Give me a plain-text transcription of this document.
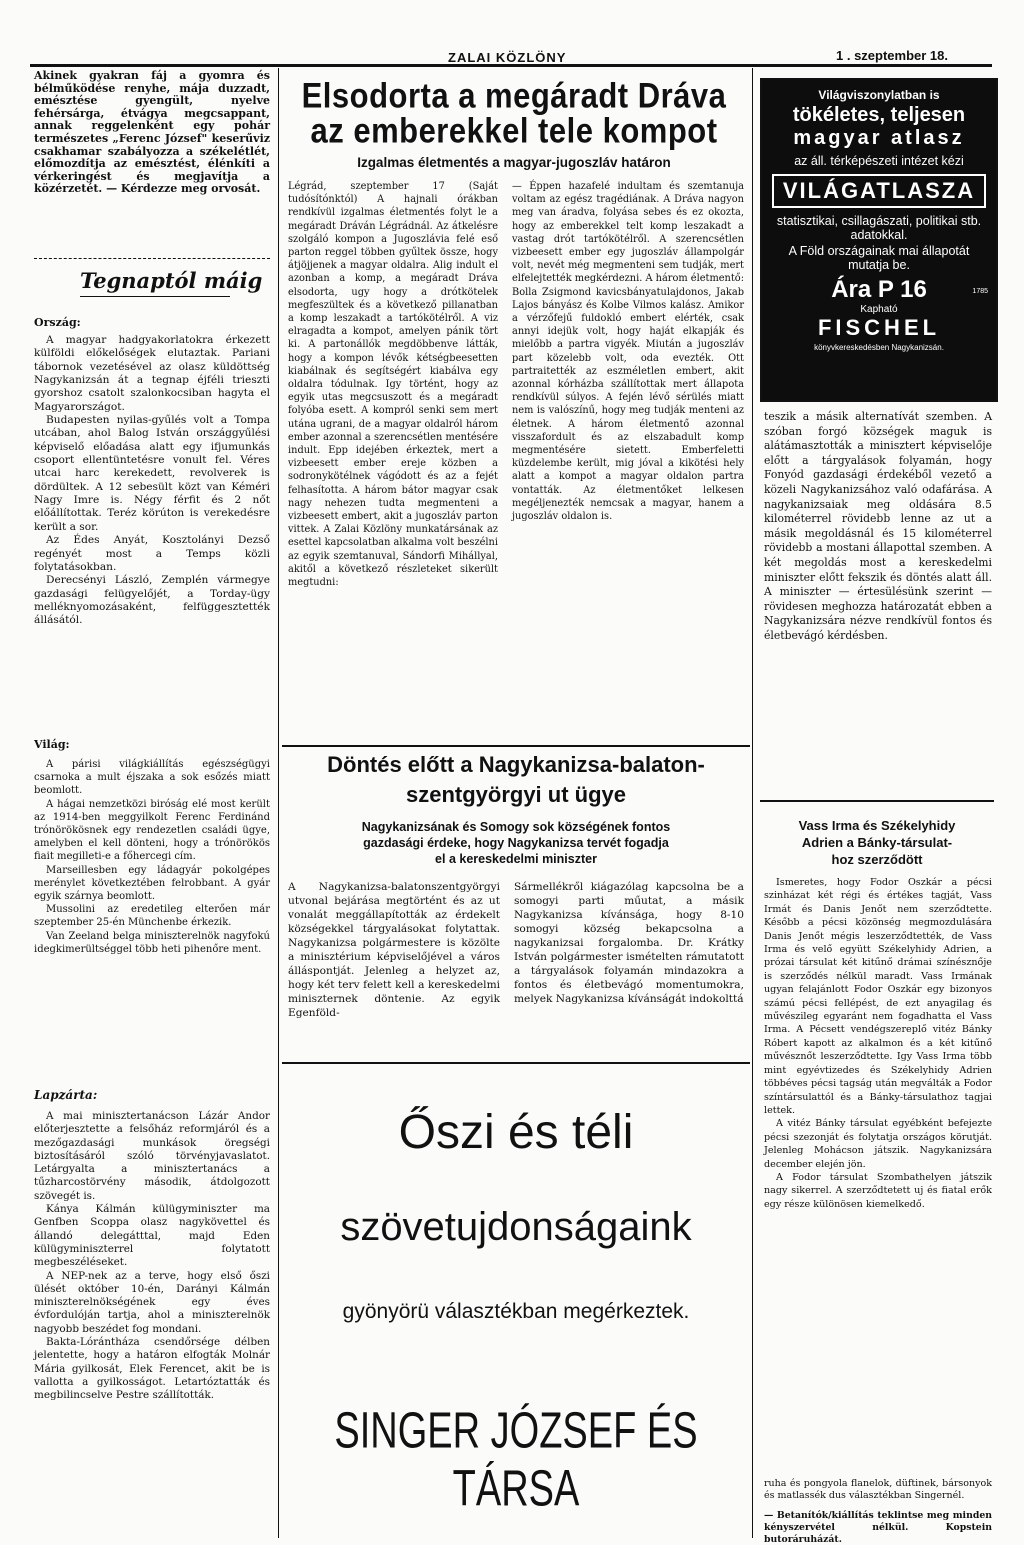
ZALAI KÖZLÖNY	1 . szeptember 18.
Akinek gyakran fáj a gyomra és bélműködése renyhe, mája duzzadt, emésztése gyengült, nyelve fehérsárga, étvágya megcsappant, annak reggelenként egy pohár természetes „Ferenc József" keserűviz csakhamar szabályozza a székelétlét, előmozdítja az emésztést, élénkíti a vérkeringést és megjavítja a közérzetét. — Kérdezze meg orvosát.
Tegnaptól máig
Ország:

A magyar hadgyakorlatokra érkezett külföldi előkelőségek elutaztak. Pariani tábornok vezetésével az olasz küldöttség Nagykanizsán át a tegnap éjféli trieszti gyorshoz csatolt szalonkocsiban hagyta el Magyarországot.

Budapesten nyilas-gyűlés volt a Tompa utcában, ahol Balog István országgyűlési képviselő előadása alatt egy ifjumunkás csoport ellentüntetésre vonult fel. Véres utcai harc kerekedett, revolverek is dördültek. A 12 sebesült közt van Kéméri Nagy Imre is. Négy férfit és 2 nőt előállítottak. Teréz körúton is verekedésre került a sor.

Az Édes Anyát, Kosztolányi Dezső regényét most a Temps közli folytatásokban.

Derecsényi László, Zemplén vármegye gazdasági felügyelőjét, a Torday-ügy melléknyomozásaként, felfüggesztették állásától.

Világ:

A párisi világkiállítás egészségügyi csarnoka a mult éjszaka a sok esőzés miatt beomlott.

A hágai nemzetközi biróság elé most került az 1914-ben meggyilkolt Ferenc Ferdinánd trónörökösnek egy rendezetlen családi ügye, amelyben el kell dönteni, hogy a trónörökös fiait megilleti-e a főhercegi cím.

Marseillesben egy ládagyár pokolgépes merénylet következtében felrobbant. A gyár egyik szárnya beomlott.

Mussolini az eredetileg elterően már szeptember 25-én Münchenbe érkezik.

Van Zeeland belga miniszterelnök nagyfokú idegkimerültséggel több heti pihenőre ment.

Lapzárta:

A mai minisztertanácson Lázár Andor előterjesztette a felsőház reformjáról és a mezőgazdasági munkások öregségi biztosításáról szóló törvényjavaslatot. Letárgyalta a minisztertanács a tűzharcostörvény második, átdolgozott szövegét is.

Kánya Kálmán külügyminiszter ma Genfben Scoppa olasz nagykövettel és állandó delegátttal, majd Eden külügyminiszterrel folytatott megbeszéléseket.

A NEP-nek az a terve, hogy első őszi ülését október 10-én, Darányi Kálmán miniszterelnökségének egy éves évfordulóján tartja, ahol a miniszterelnök nagyobb beszédet fog mondani.

Bakta-Lórántháza csendőrsége délben jelentette, hogy a határon elfogták Molnár Mária gyilkosát, Elek Ferencet, akit be is vallotta a gyilkosságot. Letartóztatták és megbilincselve Pestre szállították.

Elsodorta a megáradt Dráva
az emberekkel tele kompot
Izgalmas életmentés a magyar-jugoszláv határon
Légrád, szeptember 17 (Saját tudósítónktól) A hajnali órákban rendkívül izgalmas életmentés folyt le a megáradt Dráván Légrádnál. Az átkelésre szolgáló kompon a Jugoszlávia felé eső parton reggel többen gyűltek össze, hogy átjöjjenek a magyar oldalra. Alig indult el azonban a komp, a megáradt Dráva elsodorta, ugy hogy a drótkötelek megfeszültek és a következő pillanatban a komp leszakadt a tartókötélről. A viz elragadta a kompot, amelyen pánik tört ki. A partonállók megdöbbenve látták, hogy a kompon lévők kétségbeesetten kiabálnak és segítségért kiabálva egy oldalra tódulnak. Igy történt, hogy az egyik utas megcsuszott és a megáradt folyóba esett. A kompról senki sem mert utána ugrani, de a magyar oldalról három ember azonnal a szerencsétlen mentésére indult. Epp idejében érkeztek, mert a vizbeesett ember ereje közben a sodronykötélnek vágódott és az a fejét felhasította. A három bátor magyar csak nagy nehezen tudta megmenteni a vizbeesett embert, akit a jugoszláv parton vittek. A Zalai Közlöny munkatársának az esettel kapcsolatban alkalma volt beszélni az egyik szemtanuval, Sándorfi Mihállyal, akitől a következő részleteket sikerült megtudni:
— Éppen hazafelé indultam és szemtanuja voltam az egész tragédiának. A Dráva nagyon meg van áradva, folyása sebes és ez okozta, hogy az emberekkel telt komp leszakadt a vastag drót tartókötélről. A szerencsétlen vizbeesett ember egy jugoszláv állampolgár volt, nevét még megmenteni sem tudják, mert elfelejtették megkérdezni. A három életmentő: Bolla Zsigmond kavicsbányatulajdonos, Jakab Lajos bányász és Kolbe Vilmos kalász. Amikor a vérzőfejű fuldokló embert elérték, csak annyi idejük volt, hogy haját elkapják és mielőbb a partra vigyék. Miután a jugoszláv part közelebb volt, oda evezték. Ott partraitették az eszméletlen embert, akit azonnal kórházba szállítottak mert állapota rendkívül súlyos. A fején lévő sérülés miatt nem is valószínű, hogy meg tudják menteni az életnek. A három életmentő azonnal visszafordult és az elszabadult komp megmentésére sietett. Emberfeletti küzdelembe került, mig jóval a kikötési hely alatt a kompot a magyar oldalon partra vontatták. Az életmentőket lelkesen megéljenezték nemcsak a magyar, hanem a jugoszláv oldalon is.
Döntés előtt a Nagykanizsa-balaton-
szentgyörgyi ut ügye
Nagykanizsának és Somogy sok községének fontos
gazdasági érdeke, hogy Nagykanizsa tervét fogadja
el a kereskedelmi miniszter
A Nagykanizsa-balatonszentgyörgyi utvonal bejárása megtörtént és az ut vonalát meggállapították az érdekelt községekkel tárgyalásokat folytattak. Nagykanizsa polgármestere is közölte a minisztérium képviselőjével a város álláspontját. Jelenleg a helyzet az, hogy két terv felett kell a kereskedelmi miniszternek döntenie. Az egyik Egenföld-
Sármellékről kiágazólag kapcsolna be a somogyi parti műutat, a másik Nagykanizsa kívánsága, hogy 8-10 somogyi község bekapcsolna a nagykanizsai forgalomba. Dr. Krátky István polgármester ismételten rámutatott a tárgyalások folyamán mindazokra a fontos és életbevágó momentumokra, melyek Nagykanizsa kívánságát indokolttá
Őszi és téli
szövetujdonságaink
gyönyörü választékban megérkeztek.
SINGER JÓZSEF ÉS TÁRSA
Világviszonylatban is
tökéletes, teljesen
magyar atlasz
az áll. térképészeti intézet kézi
VILÁGATLASZA
statisztikai, csillagászati, politikai stb. adatokkal.
A Föld országainak mai állapotát mutatja be.
1785
Ára P 16
Kapható
FISCHEL
könyvkereskedésben Nagykanizsán.
teszik a másik alternatívát szemben. A szóban forgó községek maguk is alátámasztották a minisztert képviselője előtt a tárgyalások folyamán, hogy Fonyód gazdasági érdekéből vezető a közeli Nagykanizsához való odafárása. A nagykanizsaiak meg oldására 8.5 kilométerrel rövidebb lenne az ut a másik megoldásnál és 15 kilométerrel rövidebb a mostani állapottal szemben. A két megoldás most a kereskedelmi miniszter előtt fekszik és döntés alatt áll. A miniszter — értesülésünk szerint — rövidesen meghozza határozatát ebben a Nagykanizsára nézve rendkívül fontos és életbevágó kérdésben.
Vass Irma és Székelyhidy
Adrien a Bánky-társulat-
hoz szerződött

Ismeretes, hogy Fodor Oszkár a pécsi szinházat két régi és értékes tagját, Vass Irmát és Danis Jenőt nem szerződtette. Később a pécsi közönség megmozdulására Danis Jenőt mégis leszerződtették, de Vass Irma és velő együtt Székelyhidy Adrien, a prózai társulat két kitűnő drámai színésznője is szerződés nélkül maradt. Vass Irmának ugyan felajánlott Fodor Oszkár egy bizonyos számú pécsi fellépést, de ezt anyagilag és művészileg egyaránt nem fogadhatta el Vass Irma. A Pécsett vendégszereplő vitéz Bánky Róbert kapott az alkalmon és a két kitűnő művésznőt leszerződtette. Igy Vass Irma több mint egyévtizedes és Székelyhidy Adrien többéves pécsi tagság után megválták a Fodor színtársulattól és a Bánky-társulathoz tagjai lettek.

A vitéz Bánky társulat egyébként befejezte pécsi szezonját és folytatja országos körutját. Jelenleg Mohácson játszik. Nagykanizsára december elején jön.

A Fodor társulat Szombathelyen játszik nagy sikerrel. A szerződtetett uj és fiatal erők egy része különösen kiemelkedő.

ruha és pongyola flanelok, düftinek, bársonyok és matlassék dus választékban Singernél.
— Betanítók/kiállítás teklintse meg minden kényszervétel nélkül. Kopstein butoráruházát.
